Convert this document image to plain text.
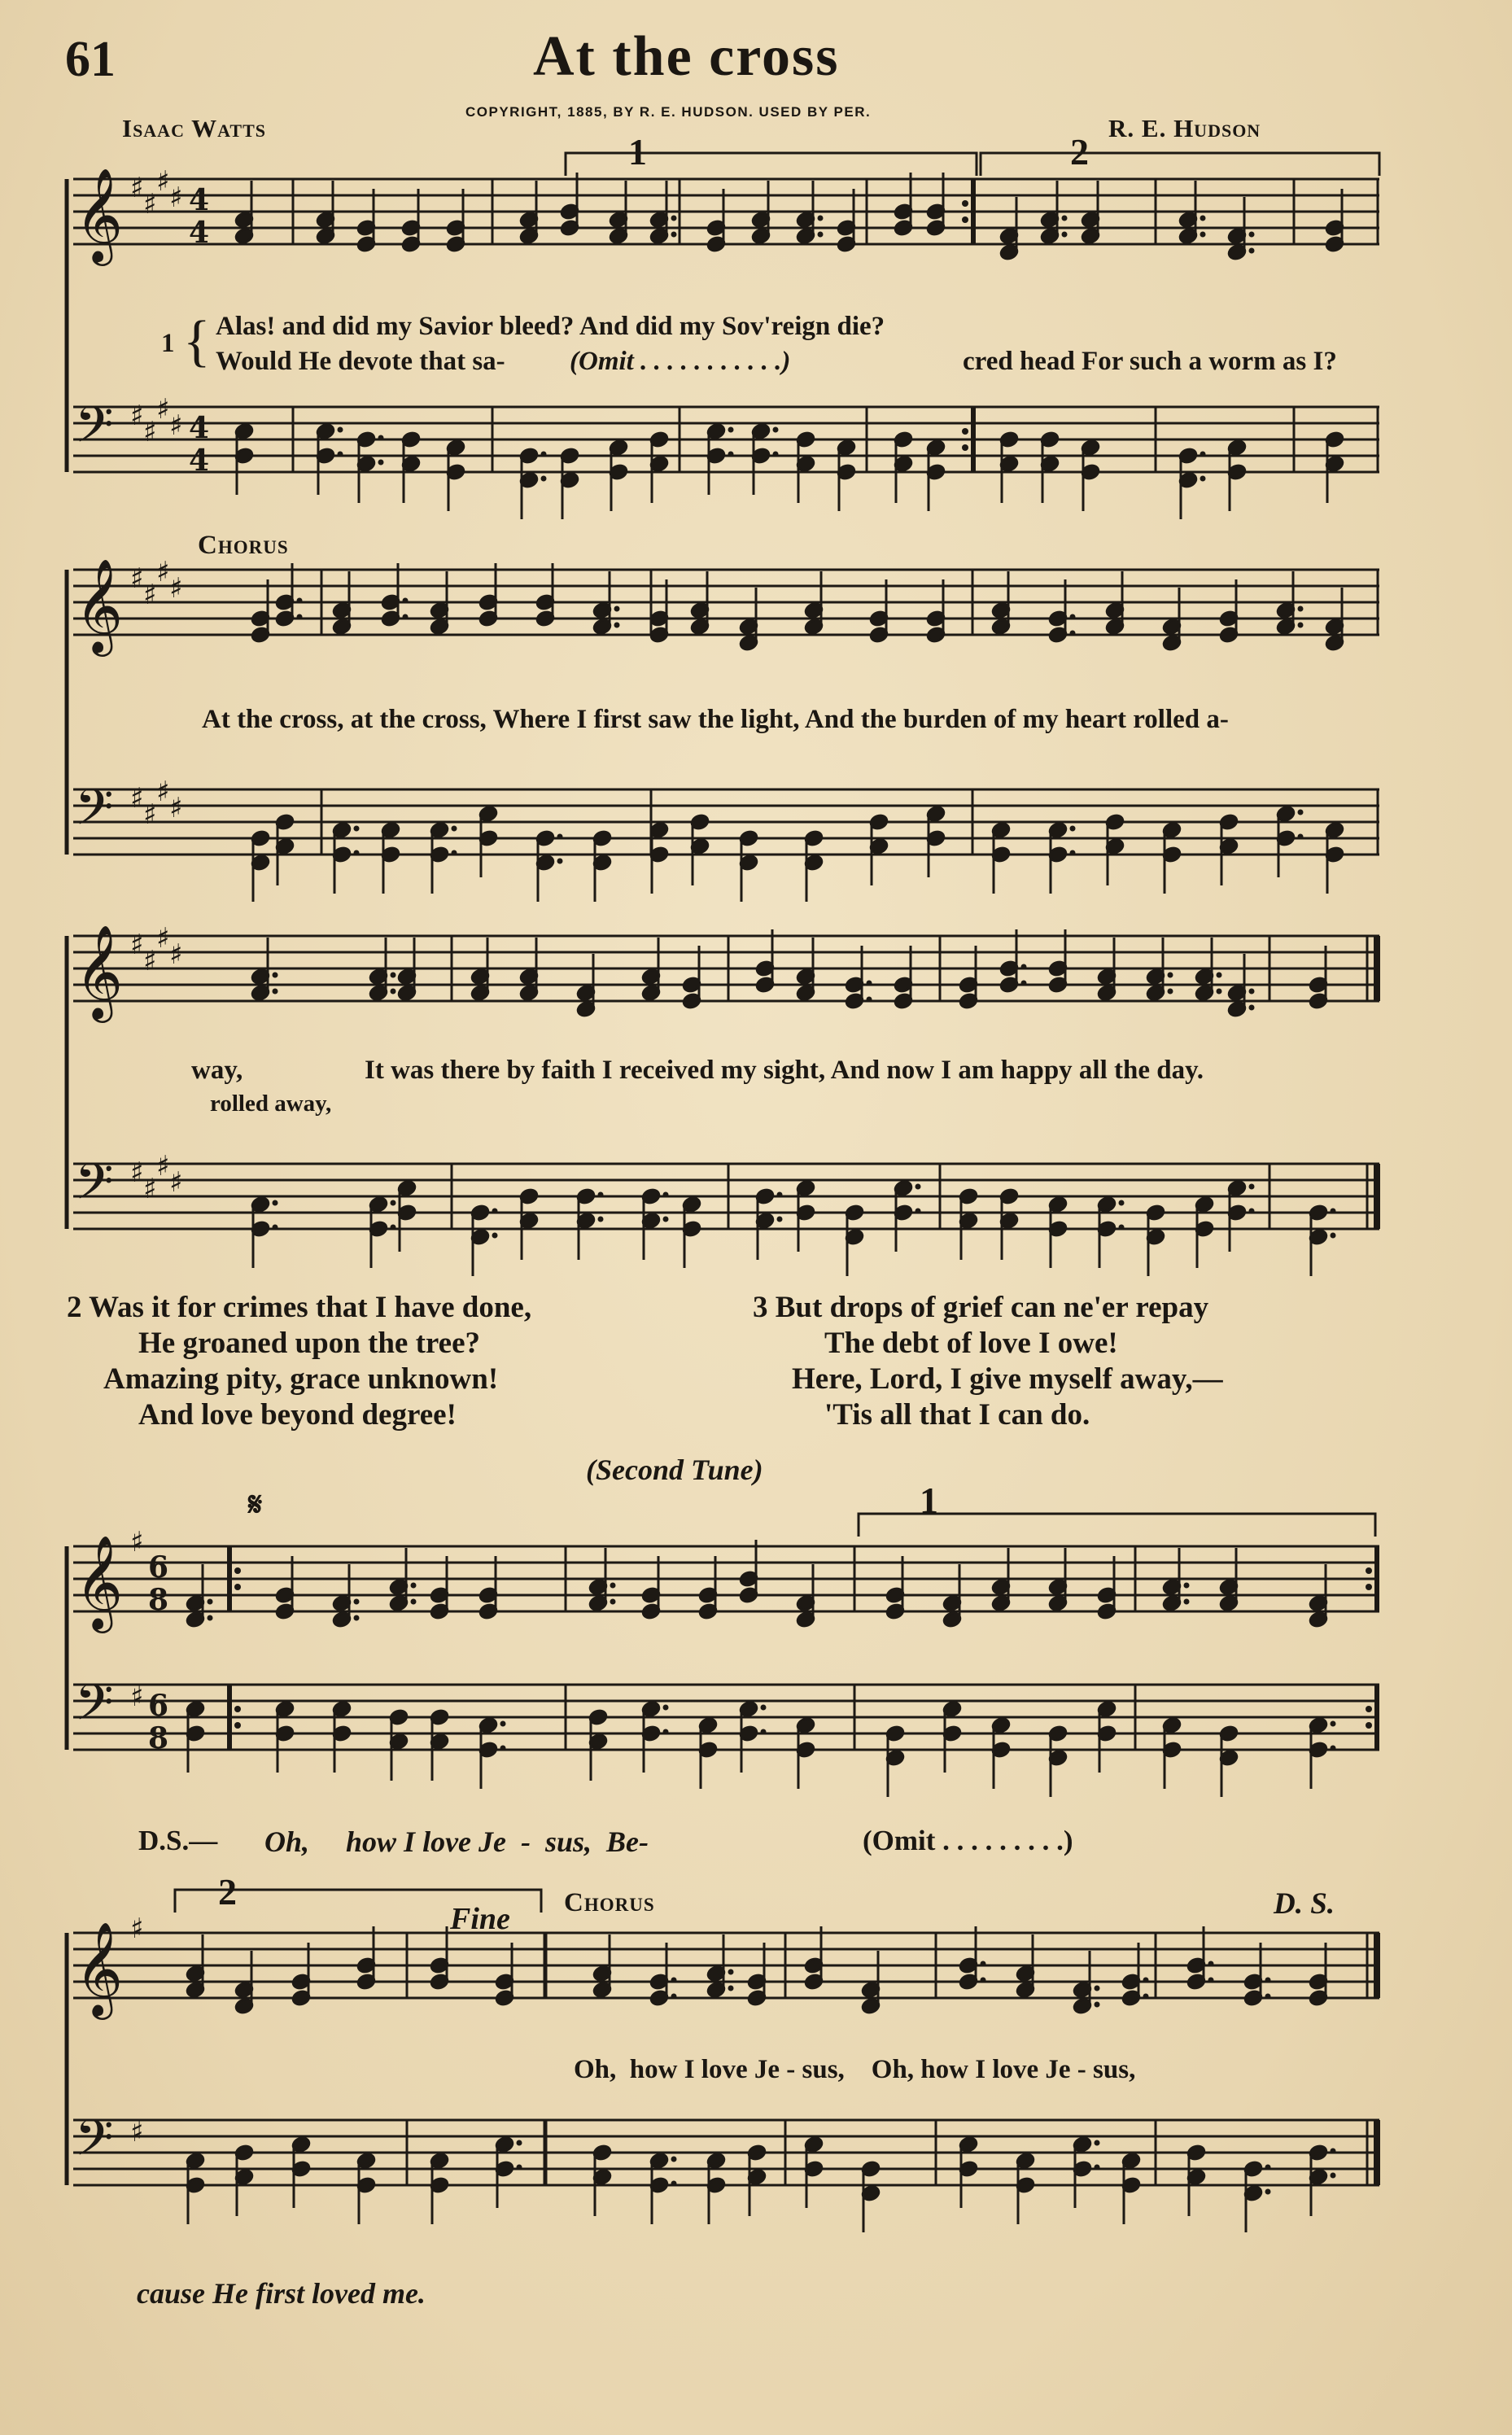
61	At the cross
COPYRIGHT, 1885, BY R. E. HUDSON. USED BY PER.
Isaac Watts	R. E. Hudson
𝄞
𝄢
♯ ♯
♯ ♯
♯ ♯
♯ ♯
4
4
4
4
1	2
1 { Alas! and did my Savior bleed? And did my Sov'reign die?
Would He devote that sa- (Omit . . . . . . . . . . .)	cred head For such a worm as I?
Chorus
𝄞
𝄢
♯ ♯
♯ ♯
♯ ♯
♯ ♯
At the cross, at the cross, Where I first saw the light, And the burden of my heart rolled a-
𝄞
𝄢
♯ ♯
♯ ♯
♯ ♯
♯ ♯
way,	It was there by faith I received my sight, And now I am happy all the day.
rolled away,
2 Was it for crimes that I have done,
He groaned upon the tree?
Amazing pity, grace unknown!
And love beyond degree!
3 But drops of grief can ne'er repay
The debt of love I owe!
Here, Lord, I give myself away,—
'Tis all that I can do.
(Second Tune)
𝄞
𝄢
♯
♯
6
8
6
8
𝄋	1
D.S.— Oh,     how I love Je  -  sus,  Be-	(Omit . . . . . . . . .)
𝄞
𝄢
♯
♯
2
Fine Chorus	D. S.
Oh,  how I love Je - sus,    Oh, how I love Je - sus,
cause He first loved me.
